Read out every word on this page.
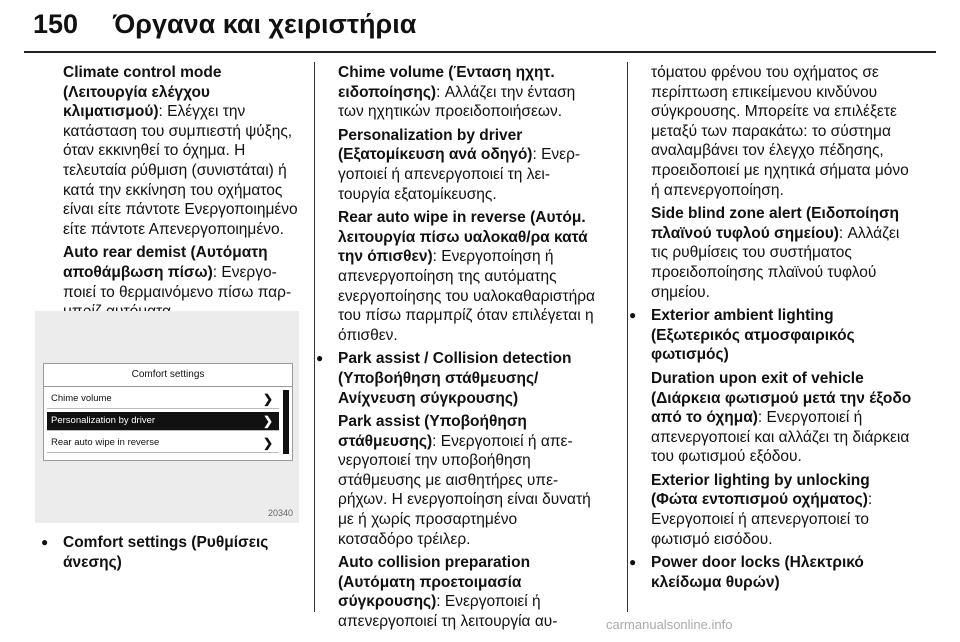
150 Όργανα και χειριστήρια

Climate control mode (Λειτουργία ελέγχου κλιματισμού): Ελέγχει την κατάσταση του συμπιεστή ψύξης, όταν εκκινηθεί το όχημα. Η τελευταία ρύθμιση (συνιστάται) ή κατά την εκκίνηση του οχήματος είναι είτε πάντοτε Ενεργοποιημένο είτε πάντοτε Απενεργοποιημένο.

Auto rear demist (Αυτόματη αποθάμβωση πίσω): Ενεργοποιεί το θερμαινόμενο πίσω παρ

Comfort settings
Chime volume	❯
Personalization by driver	❯
Rear auto wipe in reverse	❯
20340

● Comfort settings (Ρυθμίσεις άνεσης)

Chime volume (Ένταση ηχητ. ειδοποίησης): Αλλάζει την ένταση των ηχητικών προειδοποιήσεων.

Personalization by driver (Εξατομίκευση ανά οδηγό): Ενεργοποιεί ή απενεργοποιεί τη λειτουργία εξατομίκευσης.

Rear auto wipe in reverse (Αυτόμ. λειτουργία πίσω υαλοκαθ/ρα κατά την όπισθεν): Ενεργοποίηση ή απενεργοποίηση της αυτόματης ενεργοποίησης του υαλοκαθαριστήρα του πίσω παρμπρίζ όταν επιλέγεται η όπισθεν.

● Park assist / Collision detection (Υποβοήθηση στάθμευσης/ Ανίχνευση σύγκρουσης)

Park assist (Υποβοήθηση στάθμευσης): Ενεργοποιεί ή απενεργοποιεί την υποβοήθηση στάθμευσης με αισθητήρες υπερήχων. Η ενεργοποίηση είναι δυνατή με ή χωρίς προσαρτημένο κοτσαδόρο τρέιλερ.

Auto collision preparation (Αυτόματη προετοιμασία σύγκρουσης): Ενεργοποιεί ή απενεργοποιεί τη λειτουργία αυ-

τόματου φρένου του οχήματος σε περίπτωση επικείμενου κινδύνου σύγκρουσης. Μπορείτε να επιλέξετε μεταξύ των παρακάτω: το σύστημα αναλαμβάνει τον έλεγχο πέδησης, προειδοποιεί με ηχητικά σήματα μόνο ή απενεργοποίηση.

Side blind zone alert (Ειδοποίηση πλαϊνού τυφλού σημείου): Αλλάζει τις ρυθμίσεις του συστήματος προειδοποίησης πλαϊνού τυφλού σημείου.

● Exterior ambient lighting (Εξωτερικός ατμοσφαιρικός φωτισμός)

Duration upon exit of vehicle (Διάρκεια φωτισμού μετά την έξοδο από το όχημα): Ενεργοποιεί ή απενεργοποιεί και αλλάζει τη διάρκεια του φωτισμού εξόδου.

Exterior lighting by unlocking (Φώτα εντοπισμού οχήματος): Ενεργοποιεί ή απενεργοποιεί το φωτισμό εισόδου.

● Power door locks (Ηλεκτρικό κλείδωμα θυρών)

carmanualsonline.info
